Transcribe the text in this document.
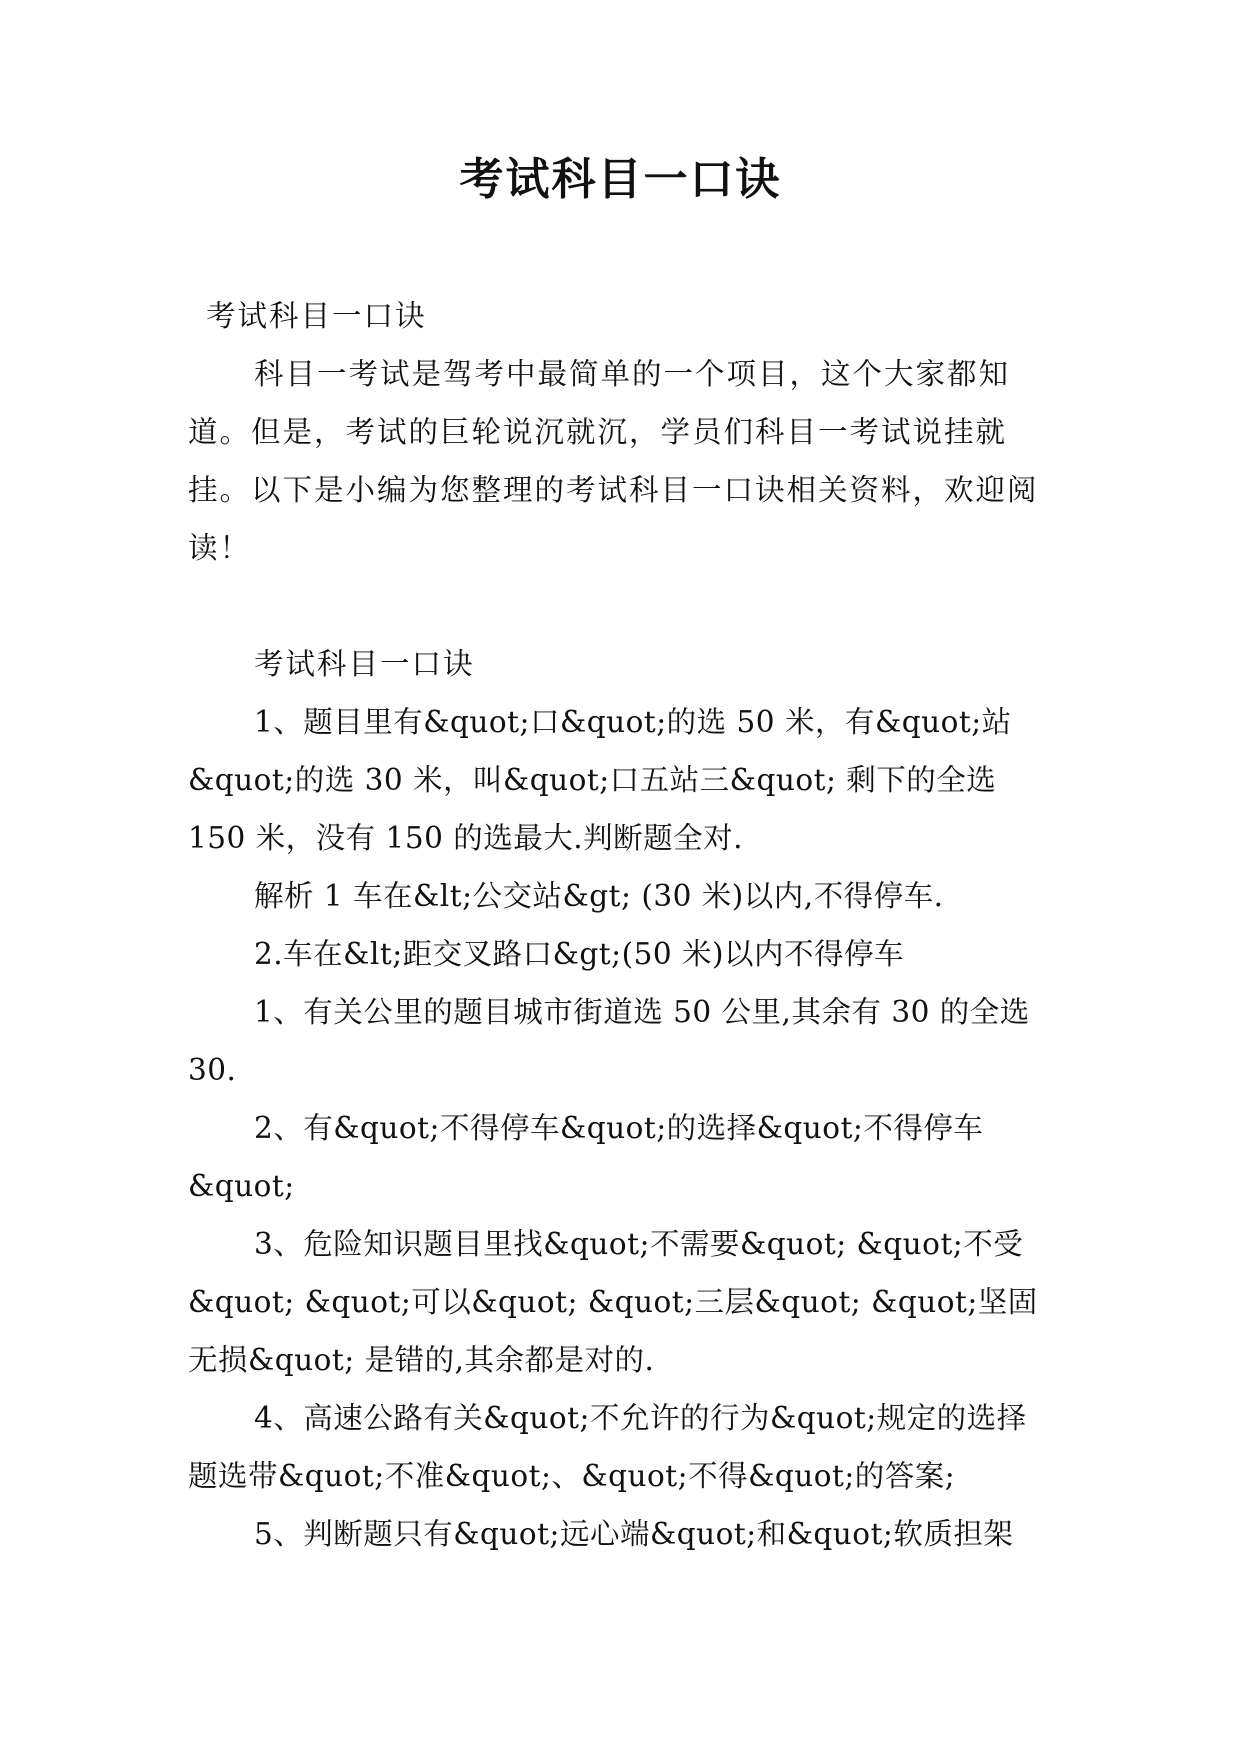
考试科目一口诀

考试科目一口诀

科目一考试是驾考中最简单的一个项目，这个大家都知道。但是，考试的巨轮说沉就沉，学员们科目一考试说挂就挂。以下是小编为您整理的考试科目一口诀相关资料，欢迎阅读！

考试科目一口诀

1、题目里有&quot;口&quot;的选 50 米，有&quot;站&quot;的选 30 米，叫&quot;口五站三&quot; 剩下的全选 150 米，没有 150 的选最大.判断题全对.

解析 1 车在&lt;公交站&gt; (30 米)以内,不得停车.

2.车在&lt;距交叉路口&gt;(50 米)以内不得停车

1、有关公里的题目城市街道选 50 公里,其余有 30 的全选 30.

2、有&quot;不得停车&quot;的选择&quot;不得停车&quot;

3、危险知识题目里找&quot;不需要&quot; &quot;不受&quot; &quot;可以&quot; &quot;三层&quot; &quot;坚固无损&quot; 是错的,其余都是对的.

4、高速公路有关&quot;不允许的行为&quot;规定的选择题选带&quot;不准&quot;、&quot;不得&quot;的答案;

5、判断题只有&quot;远心端&quot;和&quot;软质担架
